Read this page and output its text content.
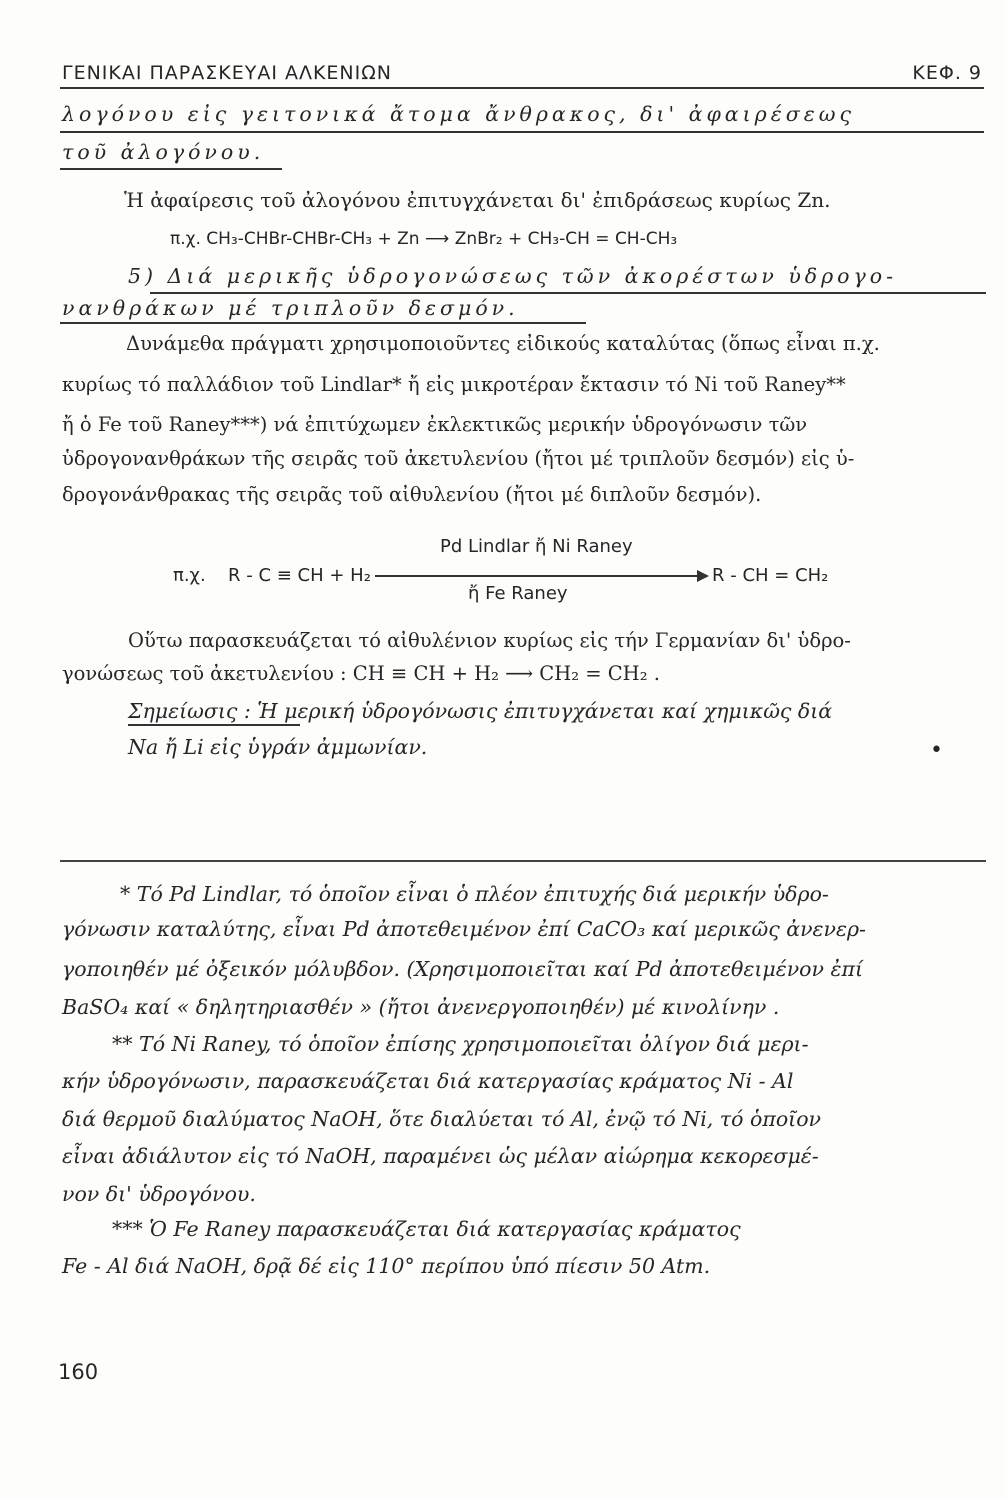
ΓΕΝΙΚΑΙ ΠΑΡΑΣΚΕΥΑΙ ΑΛΚΕΝΙΩΝ	ΚΕΦ. 9
λογόνου εἰς γειτονικά ἄτομα ἄνθρακος, δι' ἀφαιρέσεως
τοῦ ἀλογόνου.
Ἡ ἀφαίρεσις τοῦ ἀλογόνου ἐπιτυγχάνεται δι' ἐπιδράσεως κυρίως Zn.
π.χ. CH₃-CHBr-CHBr-CH₃ + Zn ⟶ ZnBr₂ + CH₃-CH = CH-CH₃
5) Διά μερικῆς ὑδρογονώσεως τῶν ἀκορέστων ὑδρογο-
νανθράκων μέ τριπλοῦν δεσμόν.
Δυνάμεθα πράγματι χρησιμοποιοῦντες εἰδικούς καταλύτας (ὅπως εἶναι π.χ.
κυρίως τό παλλάδιον τοῦ Lindlar* ἤ εἰς μικροτέραν ἔκτασιν τό Ni τοῦ Raney**
ἤ ὁ Fe τοῦ Raney***) νά ἐπιτύχωμεν ἐκλεκτικῶς μερικήν ὑδρογόνωσιν τῶν
ὑδρογονανθράκων τῆς σειρᾶς τοῦ ἀκετυλενίου (ἤτοι μέ τριπλοῦν δεσμόν) εἰς ὑ-
δρογονάνθρακας τῆς σειρᾶς τοῦ αἰθυλενίου (ἤτοι μέ διπλοῦν δεσμόν).
π.χ.	R - C ≡ CH + H₂
Pd Lindlar ἤ Ni Raney
R - CH = CH₂
ἤ Fe Raney
Οὕτω παρασκευάζεται τό αἰθυλένιον κυρίως εἰς τήν Γερμανίαν δι' ὑδρο-
γονώσεως τοῦ ἀκετυλενίου : CH ≡ CH + H₂ ⟶ CH₂ = CH₂ .
Σημείωσις : Ἡ μερική ὑδρογόνωσις ἐπιτυγχάνεται καί χημικῶς διά
Na ἤ Li εἰς ὑγράν ἀμμωνίαν.	•
* Τό Pd Lindlar, τό ὁποῖον εἶναι ὁ πλέον ἐπιτυχής διά μερικήν ὑδρο-
γόνωσιν καταλύτης, εἶναι Pd ἀποτεθειμένον ἐπί CaCO₃ καί μερικῶς ἀνενερ-
γοποιηθέν μέ ὀξεικόν μόλυβδον. (Χρησιμοποιεῖται καί Pd ἀποτεθειμένον ἐπί
BaSO₄ καί « δηλητηριασθέν » (ἤτοι ἀνενεργοποιηθέν) μέ κινολίνην .
** Τό Ni Raney, τό ὁποῖον ἐπίσης χρησιμοποιεῖται ὀλίγον διά μερι-
κήν ὑδρογόνωσιν, παρασκευάζεται διά κατεργασίας κράματος Ni - Al
διά θερμοῦ διαλύματος NaOH, ὅτε διαλύεται τό Al, ἐνῷ τό Ni, τό ὁποῖον
εἶναι ἀδιάλυτον εἰς τό NaOH, παραμένει ὡς μέλαν αἰώρημα κεκορεσμέ-
νον δι' ὑδρογόνου.
*** Ὁ Fe Raney παρασκευάζεται διά κατεργασίας κράματος
Fe - Al διά NaOH, δρᾷ δέ εἰς 110° περίπου ὑπό πίεσιν 50 Atm.
160
